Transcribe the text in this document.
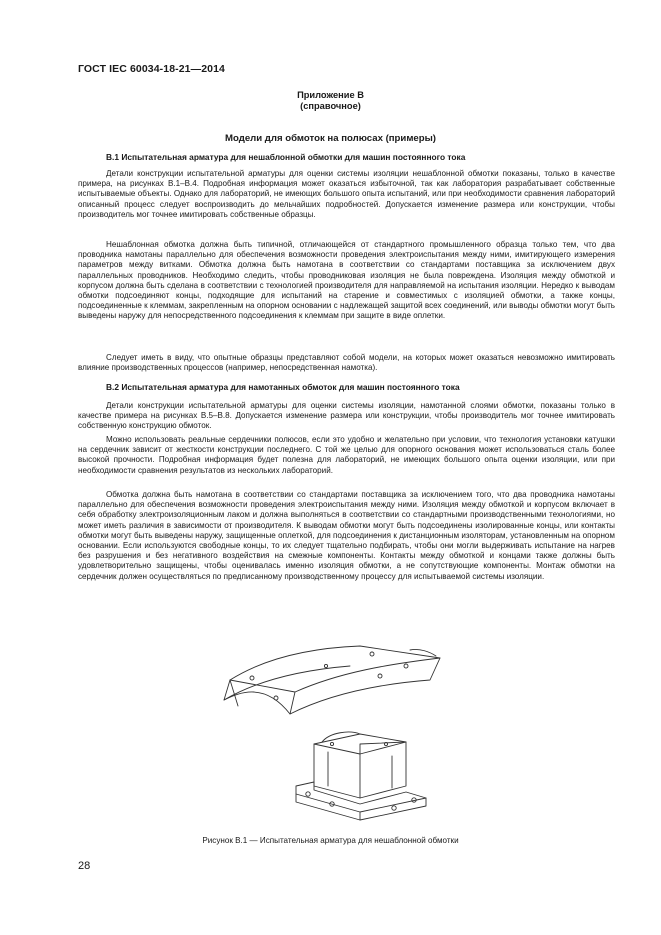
ГОСТ IEC 60034-18-21—2014
Приложение В
(справочное)
Модели для обмоток на полюсах (примеры)
В.1 Испытательная арматура для нешаблонной обмотки для машин постоянного тока

Детали конструкции испытательной арматуры для оценки системы изоляции нешаблонной обмотки показаны, только в качестве примера, на рисунках В.1–В.4. Подробная информация может оказаться избыточной, так как лаборатория разрабатывает собственные испытываемые объекты. Однако для лабораторий, не имеющих большого опыта испытаний, или при необходимости сравнения лабораторий описанный процесс следует воспроизводить до мельчайших подробностей. Допускается изменение размера или конструкции, чтобы производитель мог точнее имитировать собственные образцы.

Нешаблонная обмотка должна быть типичной, отличающейся от стандартного промышленного образца только тем, что два проводника намотаны параллельно для обеспечения возможности проведения электроиспытания между ними, имитирующего измерения параметров между витками. Обмотка должна быть намотана в соответствии со стандартами поставщика за исключением двух параллельных проводников. Необходимо следить, чтобы проводниковая изоляция не была повреждена. Изоляция между обмоткой и корпусом должна быть сделана в соответствии с технологией производителя для направляемой на испытания изоляции. Нередко к выводам обмотки подсоединяют концы, подходящие для испытаний на старение и совместимых с изоляцией обмотки, а также концы, подсоединенные к клеммам, закрепленным на опорном основании с надлежащей защитой всех соединений, или выводы обмотки могут быть выведены наружу для непосредственного подсоединения к клеммам при защите в виде оплетки.

Следует иметь в виду, что опытные образцы представляют собой модели, на которых может оказаться невозможно имитировать влияние производственных процессов (например, непосредственная намотка).

В.2 Испытательная арматура для намотанных обмоток для машин постоянного тока

Детали конструкции испытательной арматуры для оценки системы изоляции, намотанной слоями обмотки, показаны только в качестве примера на рисунках В.5–В.8. Допускается изменение размера или конструкции, чтобы производитель мог точнее имитировать собственную конструкцию обмоток.

Можно использовать реальные сердечники полюсов, если это удобно и желательно при условии, что технология установки катушки на сердечник зависит от жесткости конструкции последнего. С той же целью для опорного основания может использоваться сталь более высокой прочности. Подробная информация будет полезна для лабораторий, не имеющих большого опыта оценки изоляции, или при необходимости сравнения результатов из нескольких лабораторий.

Обмотка должна быть намотана в соответствии со стандартами поставщика за исключением того, что два проводника намотаны параллельно для обеспечения возможности проведения электроиспытания между ними. Изоляция между обмоткой и корпусом включает в себя обработку электроизоляционным лаком и должна выполняться в соответствии со стандартными производственными технологиями, но может иметь различия в зависимости от производителя. К выводам обмотки могут быть подсоединены изолированные концы, или контакты обмотки могут быть выведены наружу, защищенные оплеткой, для подсоединения к дистанционным изоляторам, установленным на опорном основании. Если используются свободные концы, то их следует тщательно подбирать, чтобы они могли выдерживать испытание на нагрев без разрушения и без негативного воздействия на смежные компоненты. Контакты между обмоткой и концами также должны быть удовлетворительно защищены, чтобы оценивалась именно изоляция обмотки, а не сопутствующие компоненты. Монтаж обмотки на сердечник должен осуществляться по предписанному производственному процессу для испытываемой системы изоляции.

Рисунок В.1 — Испытательная арматура для нешаблонной обмотки
28
